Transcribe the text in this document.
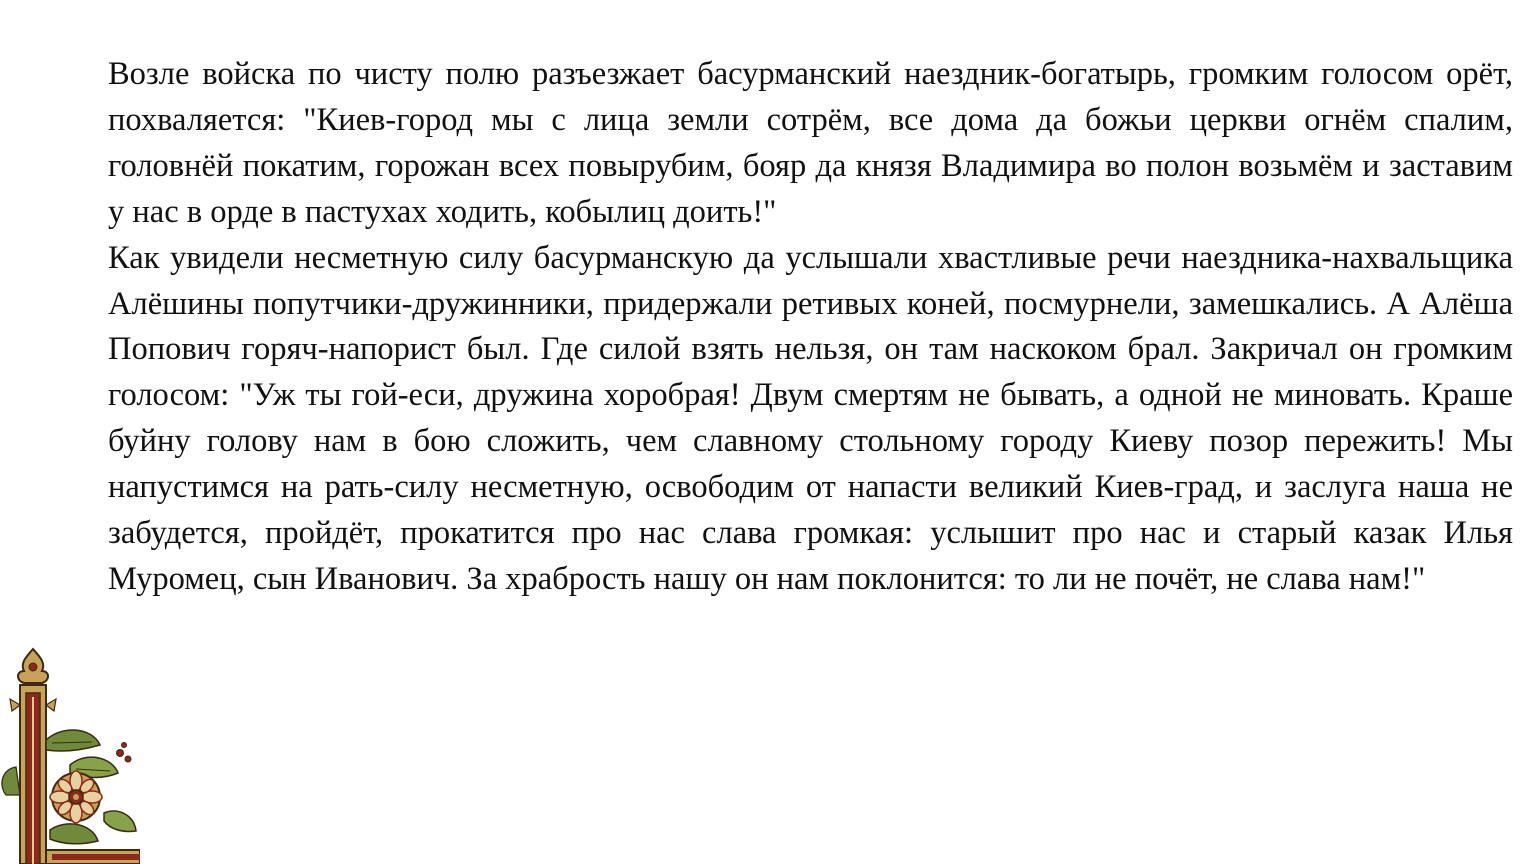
Возле войска по чисту полю разъезжает басурманский наездник-богатырь, громким голосом орёт, похваляется: "Киев-город мы с лица земли сотрём, все дома да божьи церкви огнём спалим, головнёй покатим, горожан всех повырубим, бояр да князя Владимира во полон возьмём и заставим у нас в орде в пастухах ходить, кобылиц доить!"

Как увидели несметную силу басурманскую да услышали хвастливые речи наездника-нахвальщика Алёшины попутчики-дружинники, придержали ретивых коней, посмурнели, замешкались. А Алёша Попович горяч-напорист был. Где силой взять нельзя, он там наскоком брал. Закричал он громким голосом: "Уж ты гой-еси, дружина хоробрая! Двум смертям не бывать, а одной не миновать. Краше буйну голову нам в бою сложить, чем славному стольному городу Киеву позор пережить! Мы напустимся на рать-силу несметную, освободим от напасти великий Киев-град, и заслуга наша не забудется, пройдёт, прокатится про нас слава громкая: услышит про нас и старый казак Илья Муромец, сын Иванович. За храбрость нашу он нам поклонится: то ли не почёт, не слава нам!"
